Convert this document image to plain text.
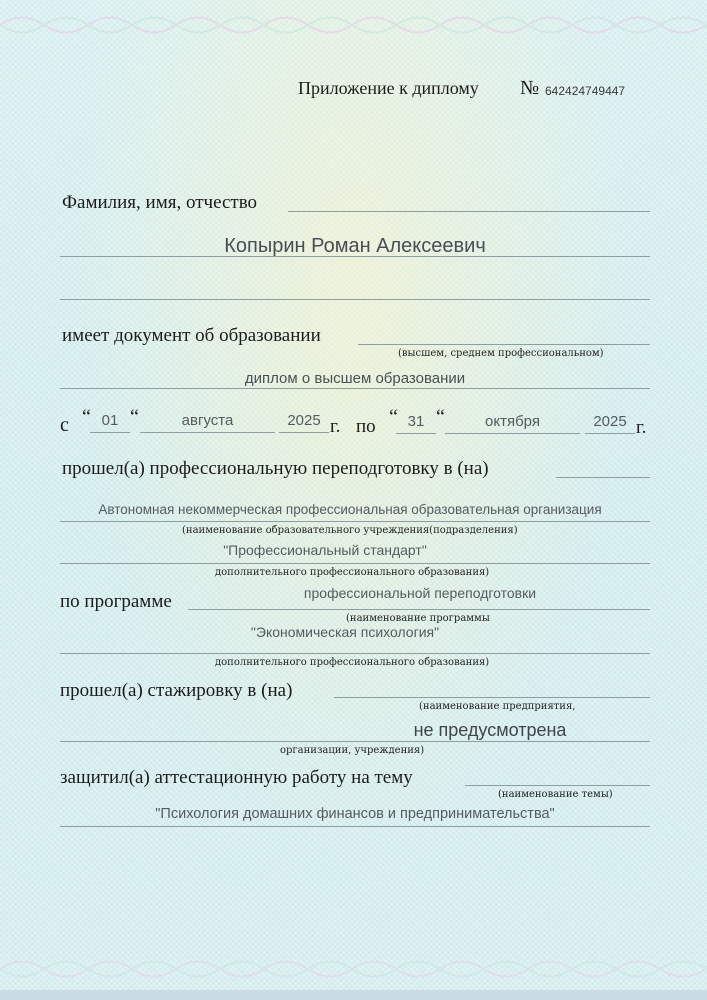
Приложение к диплому № 642424749447
Фамилия, имя, отчество
Копырин Роман Алексеевич
имеет документ об образовании
(высшем, среднем профессиональном)
диплом о высшем образовании
с “ 01 “	августа	2025 г. по “ 31 “	октября	2025 г.
прошел(а) профессиональную переподготовку в (на)
Автономная некоммерческая профессиональная образовательная организация
(наименование образовательного учреждения(подразделения)
"Профессиональный стандарт"
дополнительного профессионального образования)
по программе	профессиональной переподготовки
(наименование программы
"Экономическая психология"
дополнительного профессионального образования)
прошел(а) стажировку в (на)
(наименование предприятия,
не предусмотрена
организации, учреждения)
защитил(а) аттестационную работу на тему
(наименование темы)
"Психология домашних финансов и предпринимательства"
